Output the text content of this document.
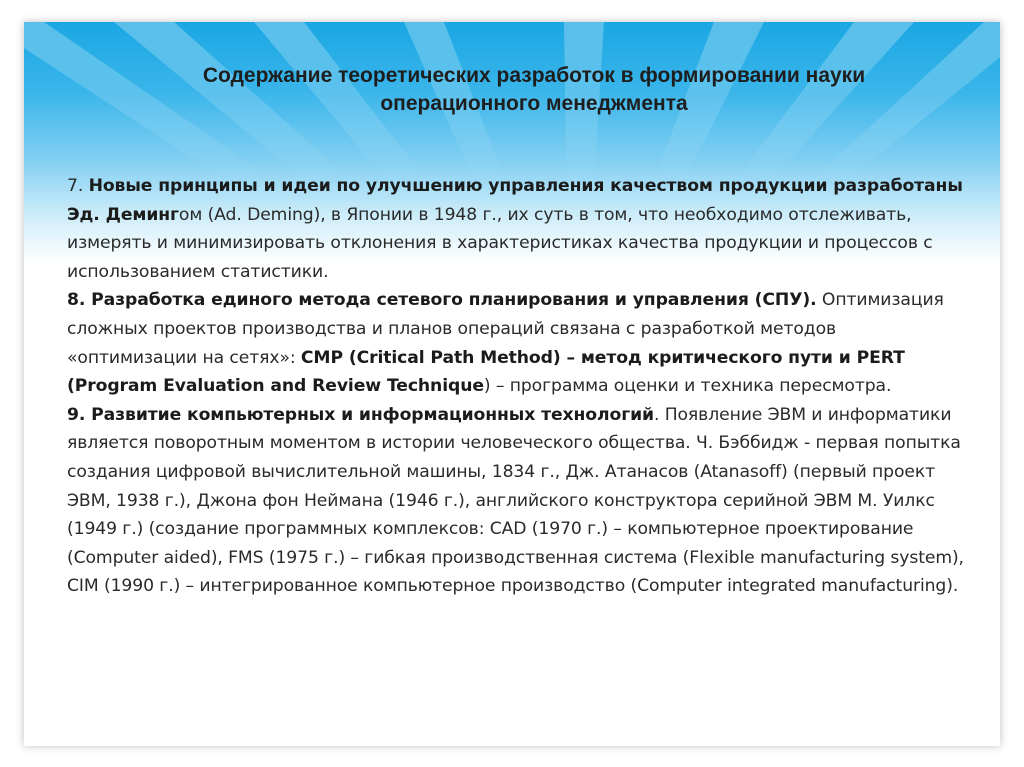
Содержание теоретических разработок в формировании науки
операционного менеджмента
7. Новые принципы и идеи по улучшению управления качеством продукции разработаны Эд. Демингом (Ad. Deming), в Японии в 1948 г., их суть в том, что необходимо отслеживать, измерять и минимизировать отклонения в характеристиках качества продукции и процессов с использованием статистики.
8. Разработка единого метода сетевого планирования и управления (СПУ). Оптимизация сложных проектов производства и планов операций связана с разработкой методов «оптимизации на сетях»: CMP (Critical Path Method) – метод критического пути и PERT (Program Evaluation and Review Technique) – программа оценки и техника пересмотра.
9. Развитие компьютерных и информационных технологий. Появление ЭВМ и информатики является поворотным моментом в истории человеческого общества. Ч. Бэббидж - первая попытка создания цифровой вычислительной машины, 1834 г., Дж. Атанасов (Atanasoff) (первый проект ЭВМ, 1938 г.), Джона фон Неймана (1946 г.), английского конструктора серийной ЭВМ М. Уилкс (1949 г.) (создание программных комплексов: CAD (1970 г.) – компьютерное проектирование (Computer aided), FMS (1975 г.) – гибкая производственная система (Flexible manufacturing system), CIM (1990 г.) – интегрированное компьютерное производство (Computer integrated manufacturing).
